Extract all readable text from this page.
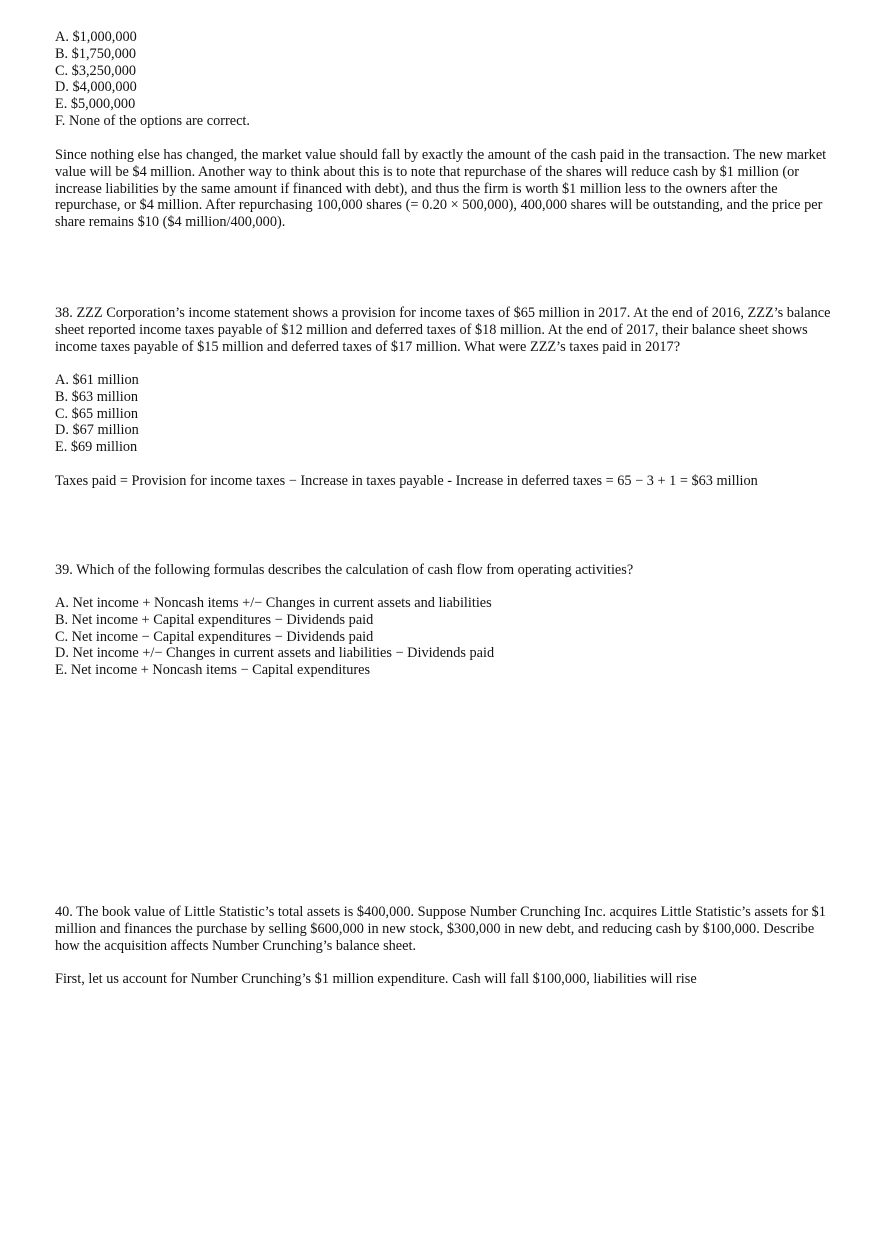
A. $1,000,000
B. $1,750,000
C. $3,250,000
D. $4,000,000
E. $5,000,000
F. None of the options are correct.

Since nothing else has changed, the market value should fall by exactly the amount of the cash paid in the transaction. The new market value will be $4 million. Another way to think about this is to note that repurchase of the shares will reduce cash by $1 million (or increase liabilities by the same amount if financed with debt), and thus the firm is worth $1 million less to the owners after the repurchase, or $4 million. After repurchasing 100,000 shares (= 0.20 × 500,000), 400,000 shares will be outstanding, and the price per share remains $10 ($4 million/400,000).

38. ZZZ Corporation’s income statement shows a provision for income taxes of $65 million in 2017. At the end of 2016, ZZZ’s balance sheet reported income taxes payable of $12 million and deferred taxes of $18 million. At the end of 2017, their balance sheet shows income taxes payable of $15 million and deferred taxes of $17 million. What were ZZZ’s taxes paid in 2017?

A. $61 million
B. $63 million
C. $65 million
D. $67 million
E. $69 million

Taxes paid = Provision for income taxes − Increase in taxes payable - Increase in deferred taxes = 65 − 3 + 1 = $63 million

39. Which of the following formulas describes the calculation of cash flow from operating activities?

A. Net income + Noncash items +/− Changes in current assets and liabilities
B. Net income + Capital expenditures − Dividends paid
C. Net income − Capital expenditures − Dividends paid
D. Net income +/− Changes in current assets and liabilities − Dividends paid
E. Net income + Noncash items − Capital expenditures

40. The book value of Little Statistic’s total assets is $400,000. Suppose Number Crunching Inc. acquires Little Statistic’s assets for $1 million and finances the purchase by selling $600,000 in new stock, $300,000 in new debt, and reducing cash by $100,000. Describe how the acquisition affects Number Crunching’s balance sheet.

First, let us account for Number Crunching’s $1 million expenditure. Cash will fall $100,000, liabilities will rise
